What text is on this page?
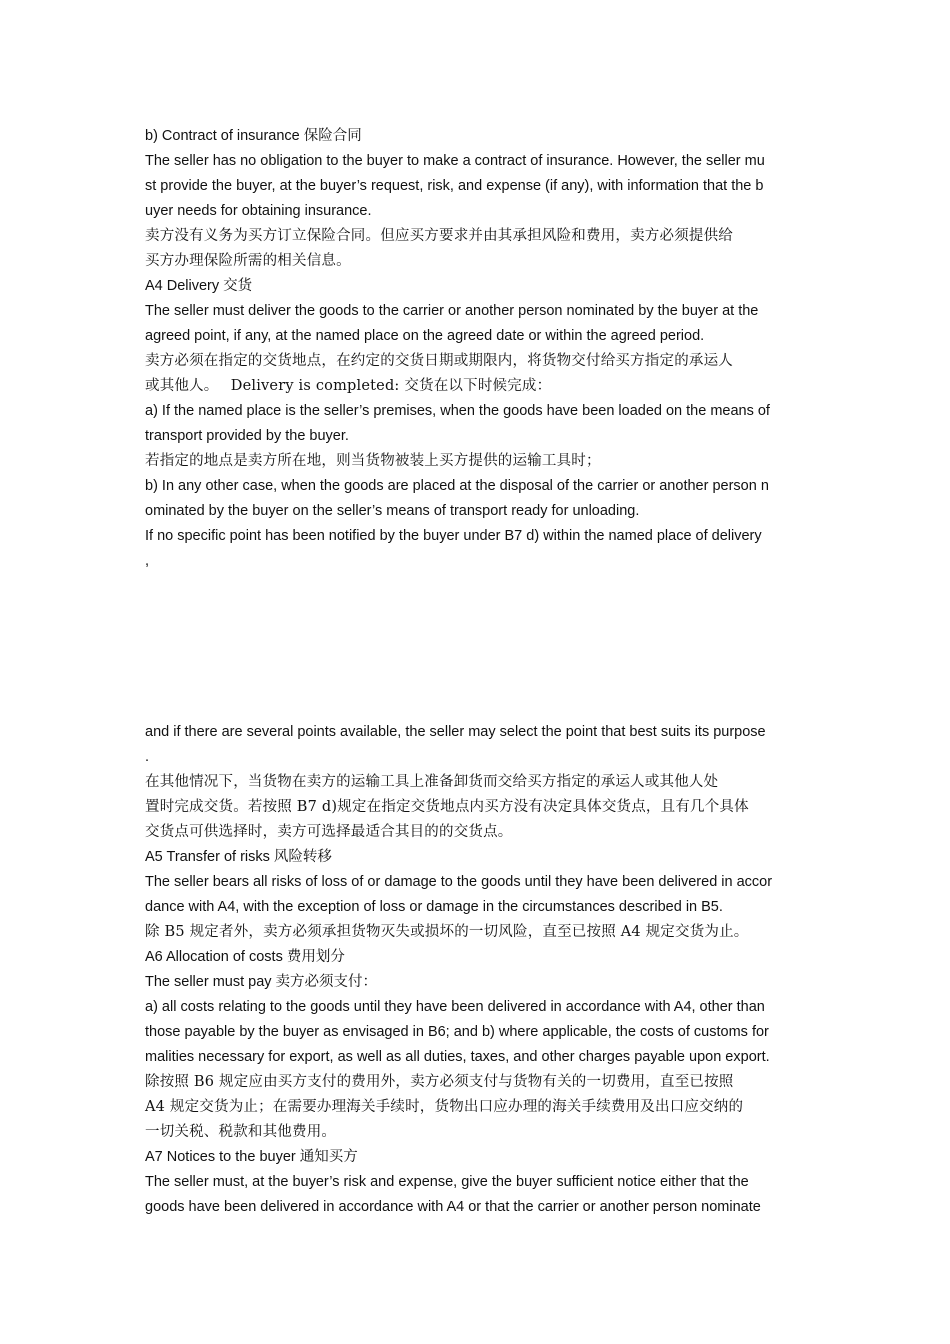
b) Contract of insurance 保险合同
The seller has no obligation to the buyer to make a contract of insurance. However, the seller mu
st provide the buyer, at the buyer’s request, risk, and expense (if any), with information that the b
uyer needs for obtaining insurance.
卖方没有义务为买方订立保险合同。但应买方要求并由其承担风险和费用，卖方必须提供给
买方办理保险所需的相关信息。
A4 Delivery 交货
The seller must deliver the goods to the carrier or another person nominated by the buyer at the
agreed point, if any, at the named place on the agreed date or within the agreed period.
卖方必须在指定的交货地点，在约定的交货日期或期限内，将货物交付给买方指定的承运人
或其他人。　 Delivery is completed: 交货在以下时候完成：
a) If the named place is the seller’s premises, when the goods have been loaded on the means of
transport provided by the buyer.
若指定的地点是卖方所在地，则当货物被装上买方提供的运输工具时；
b) In any other case, when the goods are placed at the disposal of the carrier or another person n
ominated by the buyer on the seller’s means of transport ready for unloading.
If no specific point has been notified by the buyer under B7 d) within the named place of delivery
,
and if there are several points available, the seller may select the point that best suits its purpose
.
在其他情况下，当货物在卖方的运输工具上准备卸货而交给买方指定的承运人或其他人处
置时完成交货。若按照 B7 d)规定在指定交货地点内买方没有决定具体交货点，且有几个具体
交货点可供选择时，卖方可选择最适合其目的的交货点。
A5 Transfer of risks 风险转移
The seller bears all risks of loss of or damage to the goods until they have been delivered in accor
dance with A4, with the exception of loss or damage in the circumstances described in B5.
除 B5 规定者外，卖方必须承担货物灭失或损坏的一切风险，直至已按照 A4 规定交货为止。
A6 Allocation of costs 费用划分
The seller must pay 卖方必须支付：
a) all costs relating to the goods until they have been delivered in accordance with A4, other than
those payable by the buyer as envisaged in B6; and b) where applicable, the costs of customs for
malities necessary for export, as well as all duties, taxes, and other charges payable upon export.
除按照 B6 规定应由买方支付的费用外，卖方必须支付与货物有关的一切费用，直至已按照
A4 规定交货为止；在需要办理海关手续时，货物出口应办理的海关手续费用及出口应交纳的
一切关税、税款和其他费用。
A7 Notices to the buyer 通知买方
The seller must, at the buyer’s risk and expense, give the buyer sufficient notice either that the
goods have been delivered in accordance with A4 or that the carrier or another person nominate
